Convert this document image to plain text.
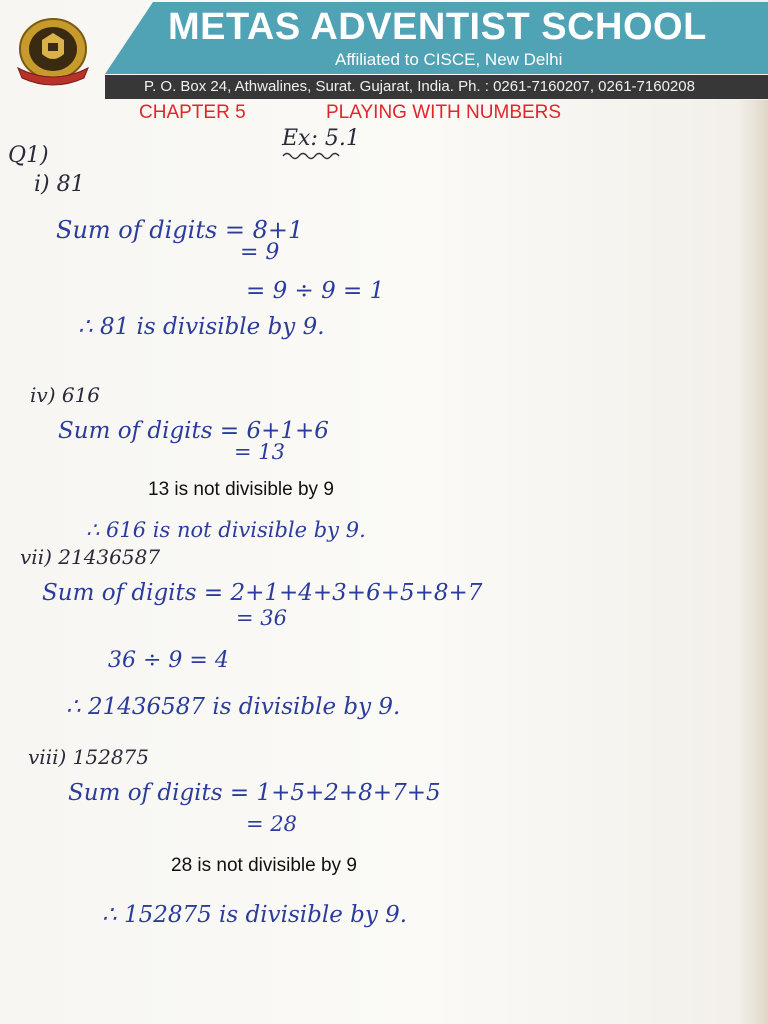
METAS ADVENTIST SCHOOL
Affiliated to CISCE, New Delhi
P. O. Box 24, Athwalines, Surat. Gujarat, India. Ph. : 0261-7160207, 0261-7160208
CHAPTER 5	PLAYING WITH NUMBERS
Ex: 5.1
Q1)
i) 81
Sum of digits = 8+1
= 9
= 9 ÷ 9 = 1
∴ 81 is divisible by 9.
iv) 616
Sum of digits = 6+1+6
= 13
13 is not divisible by 9
∴ 616 is not divisible by 9.
vii) 21436587
Sum of digits = 2+1+4+3+6+5+8+7
= 36
36 ÷ 9 = 4
∴ 21436587 is divisible by 9.
viii) 152875
Sum of digits = 1+5+2+8+7+5
= 28
28 is not divisible by 9
∴ 152875 is divisible by 9.
